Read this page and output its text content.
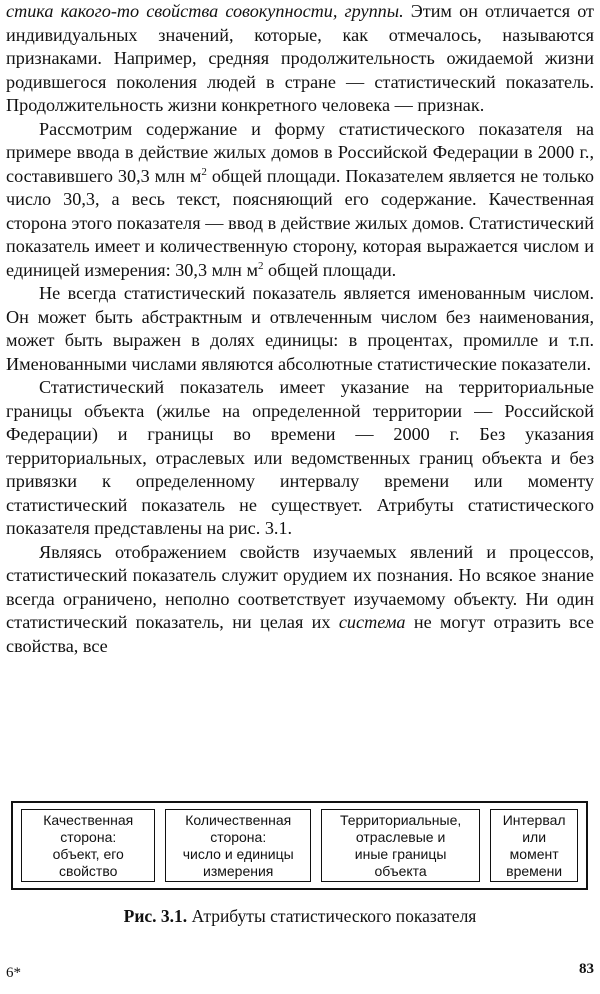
стика какого-то свойства совокупности, группы. Этим он отличается от индивидуальных значений, которые, как отмечалось, называются признаками. Например, средняя продолжительность ожидаемой жизни родившегося поколения людей в стране — статистический показатель. Продолжительность жизни конкретного человека — признак.

Рассмотрим содержание и форму статистического показателя на примере ввода в действие жилых домов в Российской Федерации в 2000 г., составившего 30,3 млн $м^2$ общей площади. Показателем является не только число 30,3, а весь текст, поясняющий его содержание. Качественная сторона этого показателя — ввод в действие жилых домов. Статистический показатель имеет и количественную сторону, которая выражается числом и единицей измерения: 30,3 млн $м^2$ общей площади.

Не всегда статистический показатель является именованным числом. Он может быть абстрактным и отвлеченным числом без наименования, может быть выражен в долях единицы: в процентах, промилле и т.п. Именованными числами являются абсолютные статистические показатели.

Статистический показатель имеет указание на территориальные границы объекта (жилье на определенной территории — Российской Федерации) и границы во времени — 2000 г. Без указания территориальных, отраслевых или ведомственных границ объекта и без привязки к определенному интервалу времени или моменту статистический показатель не существует. Атрибуты статистического показателя представлены на рис. 3.1.

Являясь отображением свойств изучаемых явлений и процессов, статистический показатель служит орудием их познания. Но всякое знание всегда ограничено, неполно соответствует изучаемому объекту. Ни один статистический показатель, ни целая их система не могут отразить все свойства, все

Качественная
сторона:
объект, его
свойство
Количественная
сторона:
число и единицы
измерения
Территориальные,
отраслевые и
иные границы
объекта
Интервал
или
момент
времени
Рис. 3.1. Атрибуты статистического показателя
6*	83
